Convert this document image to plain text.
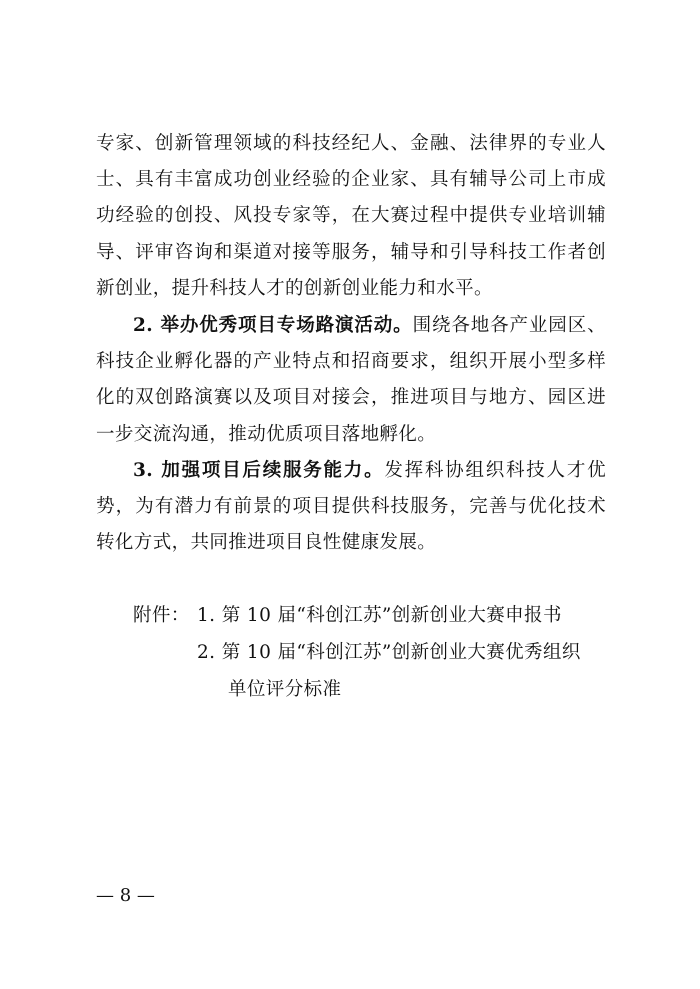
专家、创新管理领域的科技经纪人、金融、法律界的专业人士、具有丰富成功创业经验的企业家、具有辅导公司上市成功经验的创投、风投专家等，在大赛过程中提供专业培训辅导、评审咨询和渠道对接等服务，辅导和引导科技工作者创新创业，提升科技人才的创新创业能力和水平。

2. 举办优秀项目专场路演活动。围绕各地各产业园区、科技企业孵化器的产业特点和招商要求，组织开展小型多样化的双创路演赛以及项目对接会，推进项目与地方、园区进一步交流沟通，推动优质项目落地孵化。

3. 加强项目后续服务能力。发挥科协组织科技人才优势，为有潜力有前景的项目提供科技服务，完善与优化技术转化方式，共同推进项目良性健康发展。

附件： 1. 第 10 届“科创江苏”创新创业大赛申报书
2. 第 10 届“科创江苏”创新创业大赛优秀组织
单位评分标准
— 8 —
